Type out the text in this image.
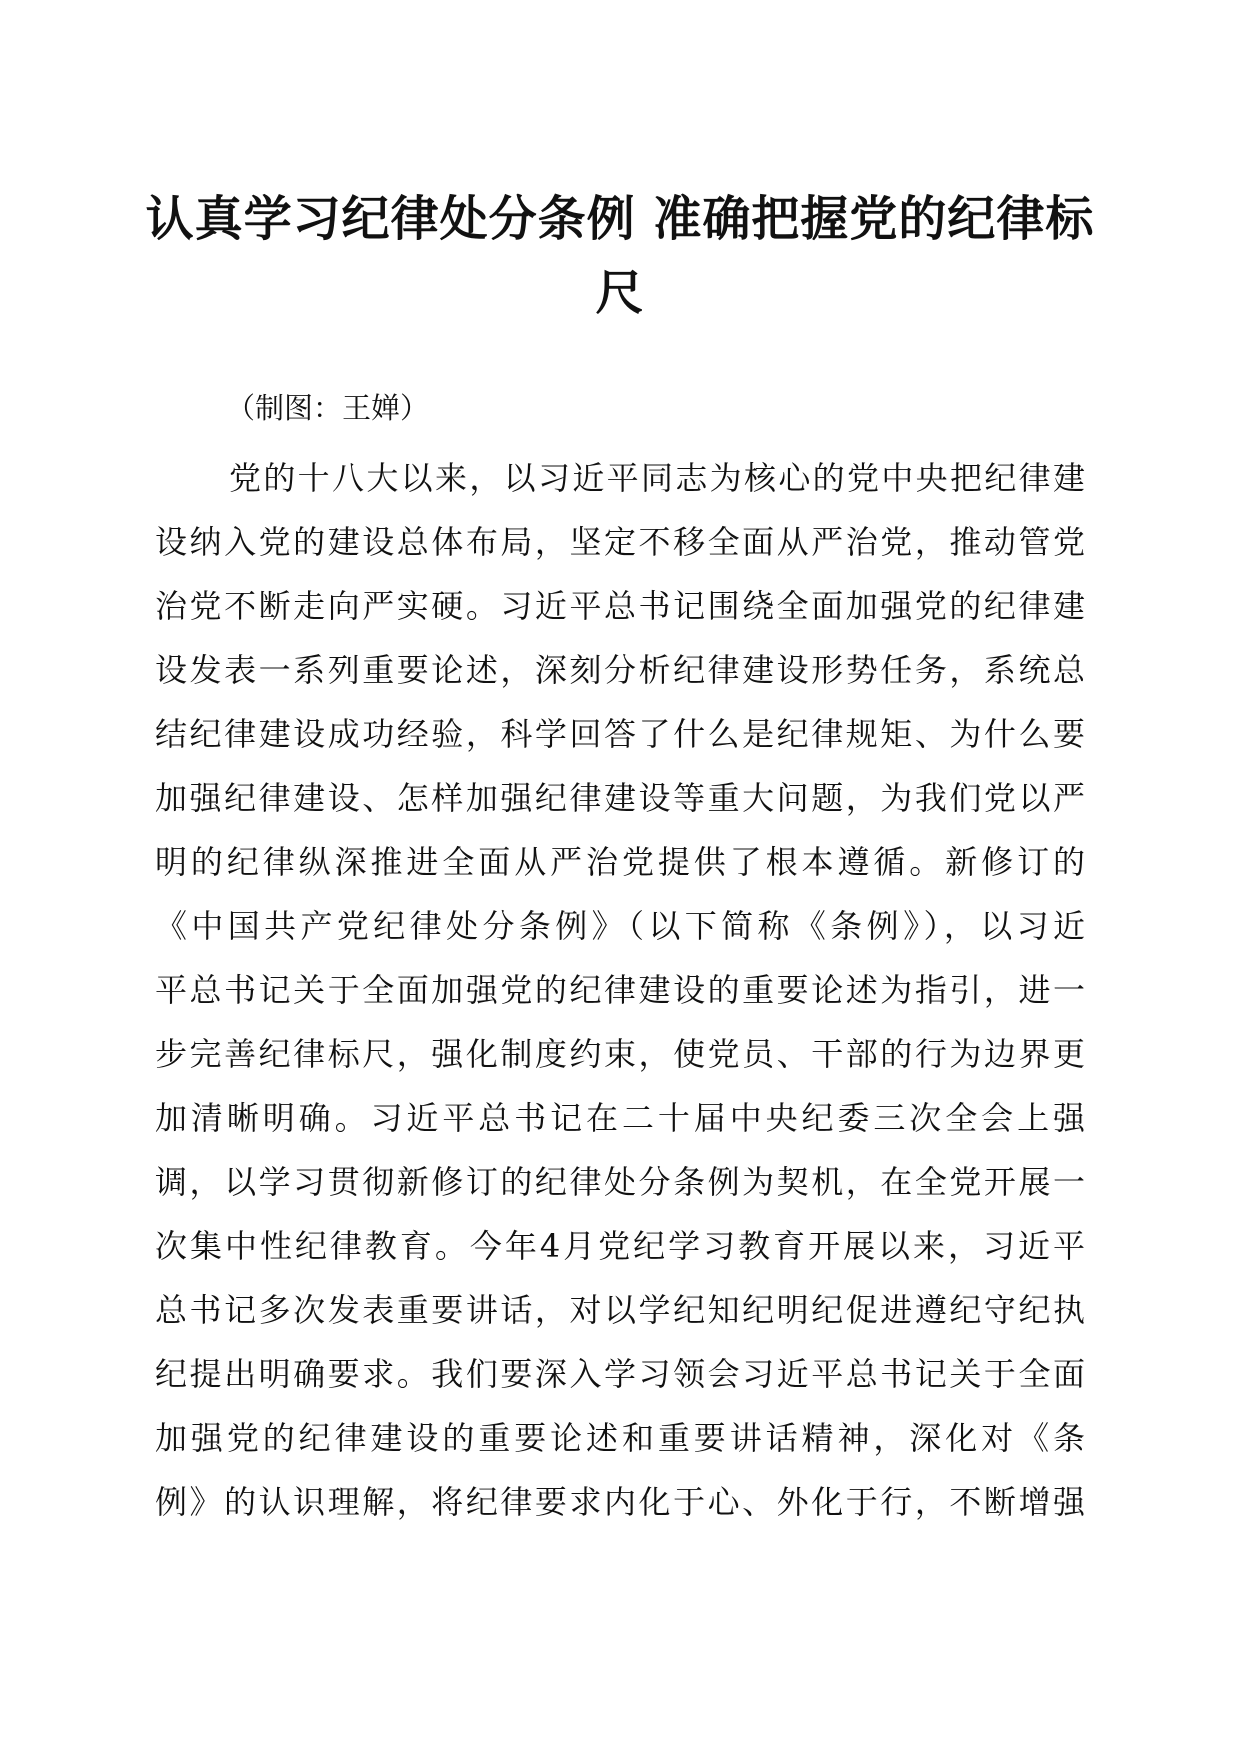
认真学习纪律处分条例 准确把握党的纪律标
尺

（制图：王婵）

党的十八大以来，以习近平同志为核心的党中央把纪律建
设纳入党的建设总体布局，坚定不移全面从严治党，推动管党
治党不断走向严实硬。习近平总书记围绕全面加强党的纪律建
设发表一系列重要论述，深刻分析纪律建设形势任务，系统总
结纪律建设成功经验，科学回答了什么是纪律规矩、为什么要
加强纪律建设、怎样加强纪律建设等重大问题，为我们党以严
明的纪律纵深推进全面从严治党提供了根本遵循。新修订的
《中国共产党纪律处分条例》（以下简称《条例》），以习近
平总书记关于全面加强党的纪律建设的重要论述为指引，进一
步完善纪律标尺，强化制度约束，使党员、干部的行为边界更
加清晰明确。习近平总书记在二十届中央纪委三次全会上强
调，以学习贯彻新修订的纪律处分条例为契机，在全党开展一
次集中性纪律教育。今年4月党纪学习教育开展以来，习近平
总书记多次发表重要讲话，对以学纪知纪明纪促进遵纪守纪执
纪提出明确要求。我们要深入学习领会习近平总书记关于全面
加强党的纪律建设的重要论述和重要讲话精神，深化对《条
例》的认识理解，将纪律要求内化于心、外化于行，不断增强
